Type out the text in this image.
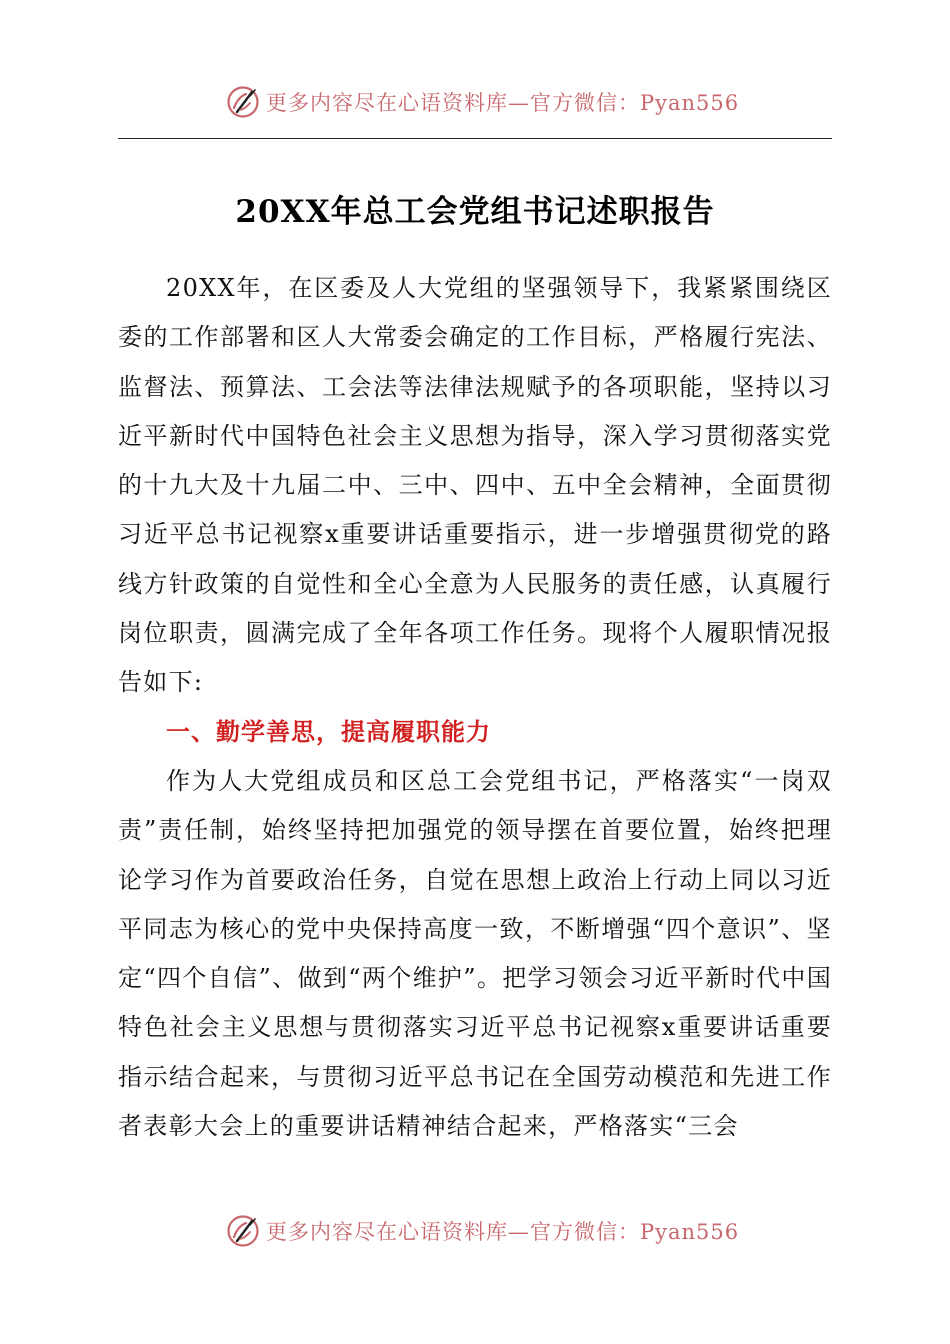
更多内容尽在心语资料库—官方微信：Pyan556
20XX年总工会党组书记述职报告

20XX年，在区委及人大党组的坚强领导下，我紧紧围绕区委的工作部署和区人大常委会确定的工作目标，严格履行宪法、监督法、预算法、工会法等法律法规赋予的各项职能，坚持以习近平新时代中国特色社会主义思想为指导，深入学习贯彻落实党的十九大及十九届二中、三中、四中、五中全会精神，全面贯彻习近平总书记视察x重要讲话重要指示，进一步增强贯彻党的路线方针政策的自觉性和全心全意为人民服务的责任感，认真履行岗位职责，圆满完成了全年各项工作任务。现将个人履职情况报告如下:

一、勤学善思，提高履职能力

作为人大党组成员和区总工会党组书记，严格落实“一岗双责”责任制，始终坚持把加强党的领导摆在首要位置，始终把理论学习作为首要政治任务，自觉在思想上政治上行动上同以习近平同志为核心的党中央保持高度一致，不断增强“四个意识”、坚定“四个自信”、做到“两个维护”。把学习领会习近平新时代中国特色社会主义思想与贯彻落实习近平总书记视察x重要讲话重要指示结合起来，与贯彻习近平总书记在全国劳动模范和先进工作者表彰大会上的重要讲话精神结合起来，严格落实“三会

更多内容尽在心语资料库—官方微信：Pyan556
